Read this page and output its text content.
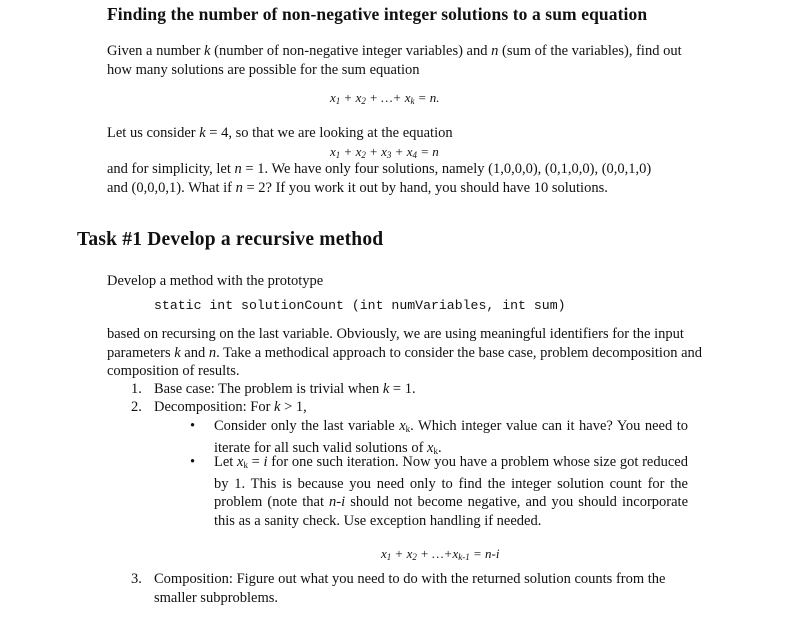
Finding the number of non-negative integer solutions to a sum equation
Given a number k (number of non-negative integer variables) and n (sum of the variables), find out how many solutions are possible for the sum equation
$x_1 + x_2$ + …+ $x_k = n$.
Let us consider k = 4, so that we are looking at the equation
$x_1 + x_2 + x_3 + x_4 = n$
and for simplicity, let n = 1. We have only four solutions, namely (1,0,0,0), (0,1,0,0), (0,0,1,0) and (0,0,0,1). What if n = 2? If you work it out by hand, you should have 10 solutions.
Task #1 Develop a recursive method
Develop a method with the prototype
static int solutionCount (int numVariables, int sum)
based on recursing on the last variable. Obviously, we are using meaningful identifiers for the input parameters k and n. Take a methodical approach to consider the base case, problem decomposition and composition of results.
1. Base case: The problem is trivial when k = 1.
2. Decomposition: For k > 1,
• Consider only the last variable $x_k$. Which integer value can it have? You need to iterate for all such valid solutions of $x_k$.
• Let $x_k = i$ for one such iteration. Now you have a problem whose size got reduced by 1. This is because you need only to find the integer solution count for the problem (note that n-i should not become negative, and you should incorporate this as a sanity check. Use exception handling if needed.
$x_1 + x_2$ + $\dots+x_{k-1} = n-i$
3. Composition: Figure out what you need to do with the returned solution counts from the smaller subproblems.
